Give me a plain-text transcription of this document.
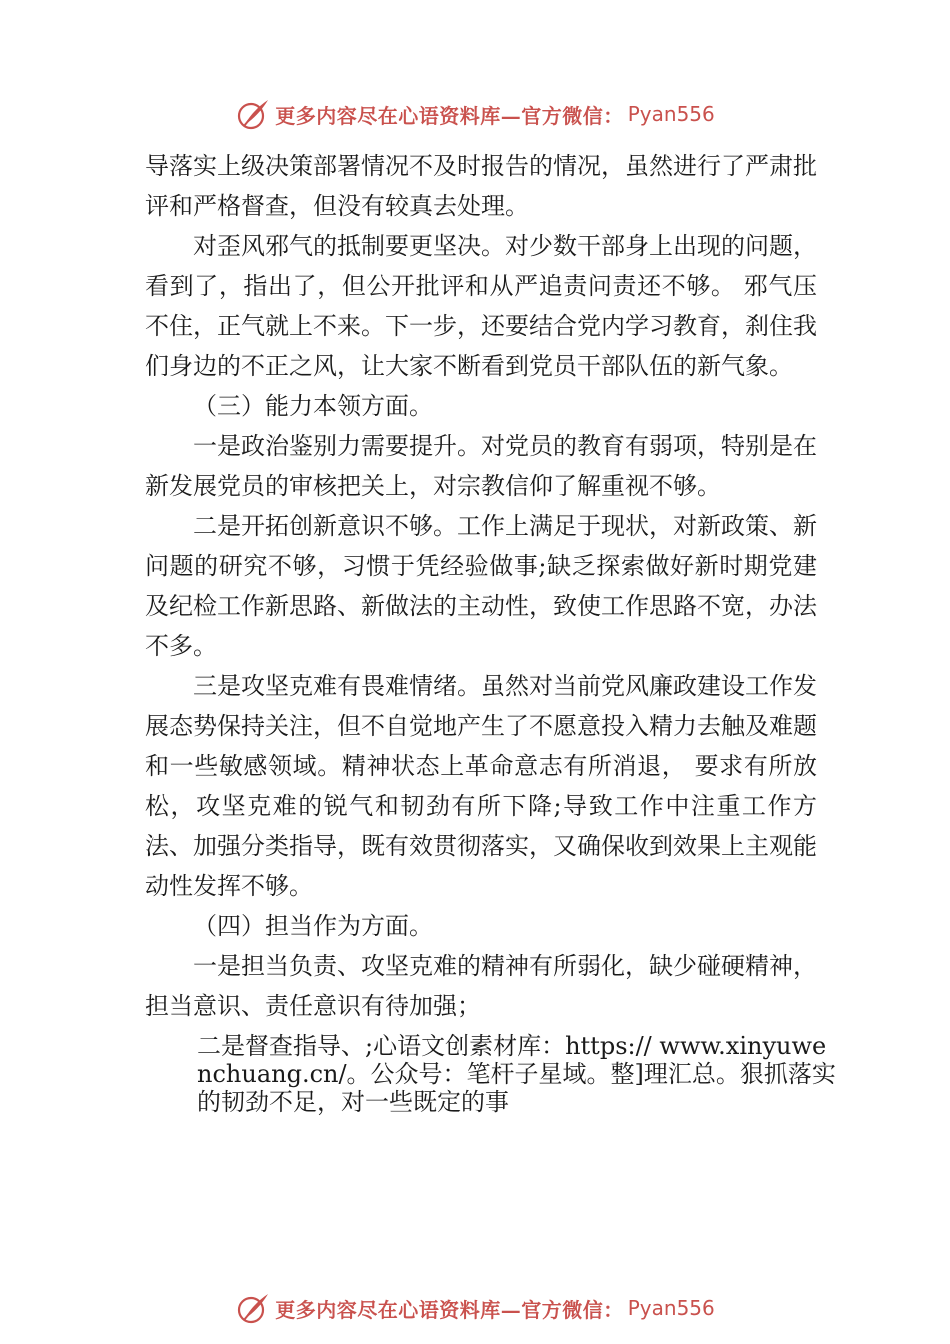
更多内容尽在心语资料库—官方微信： Pyan556

导落实上级决策部署情况不及时报告的情况，虽然进行了严肃批评和严格督查，但没有较真去处理。

对歪风邪气的抵制要更坚决。对少数干部身上出现的问题，看到了，指出了，但公开批评和从严追责问责还不够。 邪气压不住，正气就上不来。下一步，还要结合党内学习教育，刹住我们身边的不正之风，让大家不断看到党员干部队伍的新气象。

（三）能力本领方面。

一是政治鉴别力需要提升。对党员的教育有弱项，特别是在新发展党员的审核把关上，对宗教信仰了解重视不够。

二是开拓创新意识不够。工作上满足于现状，对新政策、新问题的研究不够，习惯于凭经验做事;缺乏探索做好新时期党建及纪检工作新思路、新做法的主动性，致使工作思路不宽，办法不多。

三是攻坚克难有畏难情绪。虽然对当前党风廉政建设工作发展态势保持关注，但不自觉地产生了不愿意投入精力去触及难题和一些敏感领域。精神状态上革命意志有所消退， 要求有所放松，攻坚克难的锐气和韧劲有所下降;导致工作中注重工作方法、加强分类指导，既有效贯彻落实，又确保收到效果上主观能动性发挥不够。

（四）担当作为方面。

一是担当负责、攻坚克难的精神有所弱化，缺少碰硬精神，担当意识、责任意识有待加强；

二是督查指导、;心语文创素材库：https:// www.xinyuwenchuang.cn/。公众号：笔杆子星域。整]理汇总。狠抓落实的韧劲不足，对一些既定的事

更多内容尽在心语资料库—官方微信： Pyan556
